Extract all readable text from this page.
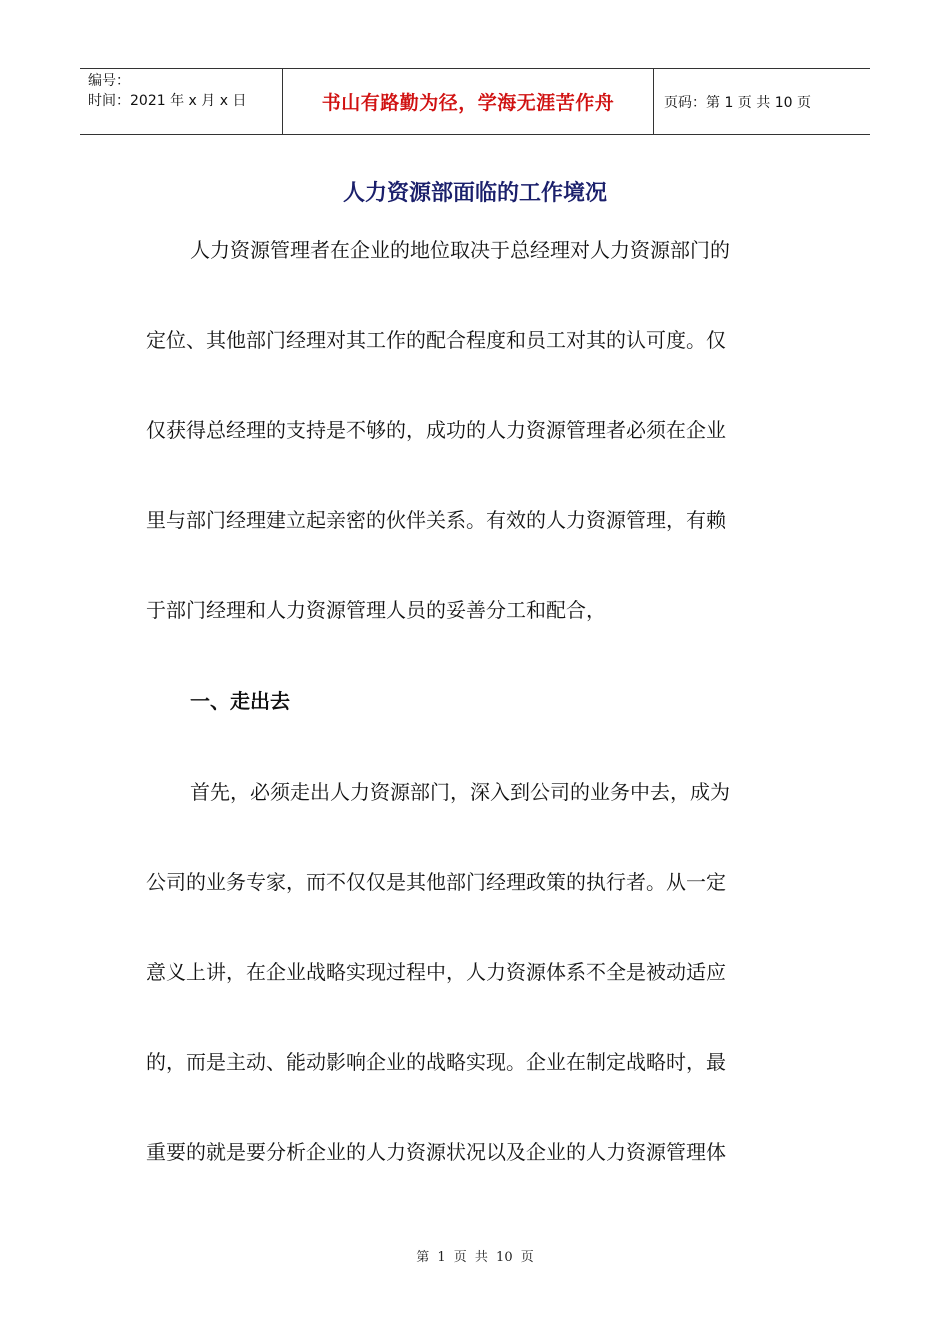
编号：
时间：2021 年 x 月 x 日	书山有路勤为径，学海无涯苦作舟	页码：第 1 页 共 10 页
人力资源部面临的工作境况
人力资源管理者在企业的地位取决于总经理对人力资源部门的
定位、其他部门经理对其工作的配合程度和员工对其的认可度。仅
仅获得总经理的支持是不够的，成功的人力资源管理者必须在企业
里与部门经理建立起亲密的伙伴关系。有效的人力资源管理，有赖
于部门经理和人力资源管理人员的妥善分工和配合，
一、走出去
首先，必须走出人力资源部门，深入到公司的业务中去，成为
公司的业务专家，而不仅仅是其他部门经理政策的执行者。从一定
意义上讲，在企业战略实现过程中，人力资源体系不全是被动适应
的，而是主动、能动影响企业的战略实现。企业在制定战略时，最
重要的就是要分析企业的人力资源状况以及企业的人力资源管理体
第 1 页 共 10 页
